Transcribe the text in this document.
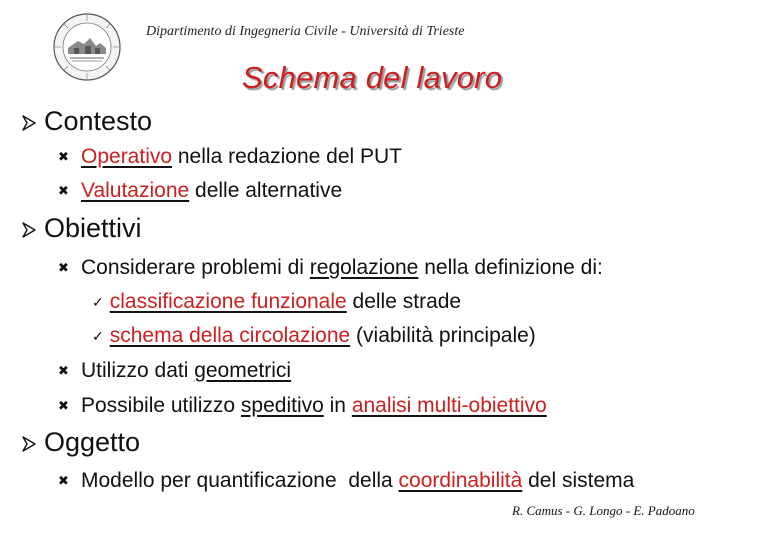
Dipartimento di Ingegneria Civile - Università di Trieste
Schema del lavoro
Contesto
✖ Operativo nella redazione del PUT
✖ Valutazione delle alternative
Obiettivi
✖ Considerare problemi di regolazione nella definizione di:
✓ classificazione funzionale delle strade
✓ schema della circolazione (viabilità principale)
✖ Utilizzo dati geometrici
✖ Possibile utilizzo speditivo in analisi multi-obiettivo
Oggetto
✖ Modello per quantificazione  della coordinabilità del sistema
R. Camus - G. Longo - E. Padoano
